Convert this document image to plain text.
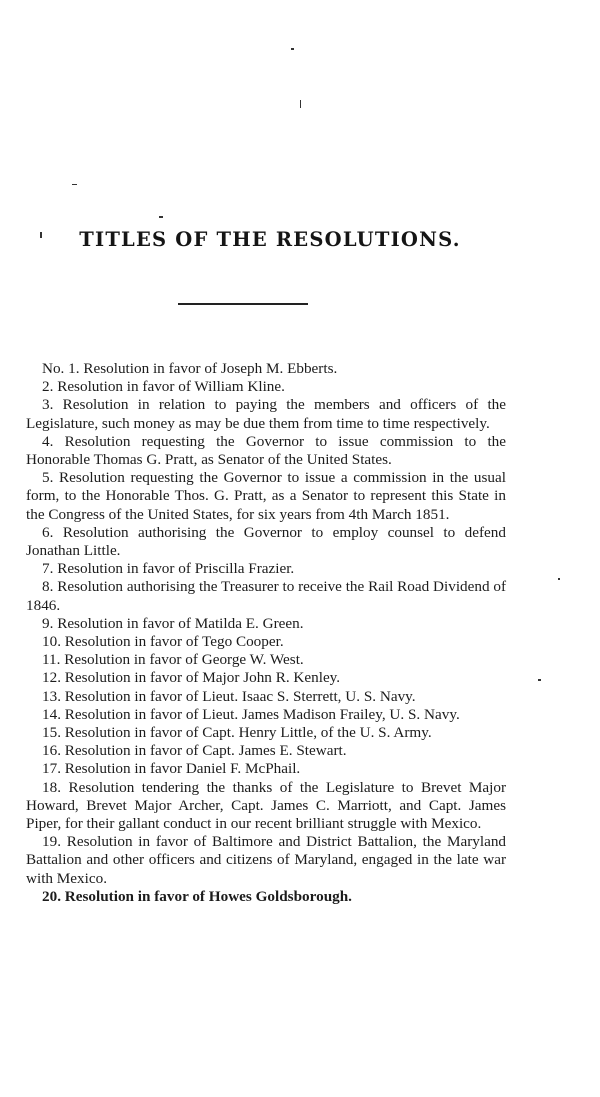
TITLES OF THE RESOLUTIONS.
No. 1. Resolution in favor of Joseph M. Ebberts.
2. Resolution in favor of William Kline.
3. Resolution in relation to paying the members and officers of the Legislature, such money as may be due them from time to time respectively.
4. Resolution requesting the Governor to issue commission to the Honorable Thomas G. Pratt, as Senator of the United States.
5. Resolution requesting the Governor to issue a commission in the usual form, to the Honorable Thos. G. Pratt, as a Senator to represent this State in the Congress of the United States, for six years from 4th March 1851.
6. Resolution authorising the Governor to employ counsel to defend Jonathan Little.
7. Resolution in favor of Priscilla Frazier.
8. Resolution authorising the Treasurer to receive the Rail Road Dividend of 1846.
9. Resolution in favor of Matilda E. Green.
10. Resolution in favor of Tego Cooper.
11. Resolution in favor of George W. West.
12. Resolution in favor of Major John R. Kenley.
13. Resolution in favor of Lieut. Isaac S. Sterrett, U. S. Navy.
14. Resolution in favor of Lieut. James Madison Frailey, U. S. Navy.
15. Resolution in favor of Capt. Henry Little, of the U. S. Army.
16. Resolution in favor of Capt. James E. Stewart.
17. Resolution in favor Daniel F. McPhail.
18. Resolution tendering the thanks of the Legislature to Brevet Major Howard, Brevet Major Archer, Capt. James C. Marriott, and Capt. James Piper, for their gallant conduct in our recent brilliant struggle with Mexico.
19. Resolution in favor of Baltimore and District Battalion, the Maryland Battalion and other officers and citizens of Maryland, engaged in the late war with Mexico.
20. Resolution in favor of Howes Goldsborough.
